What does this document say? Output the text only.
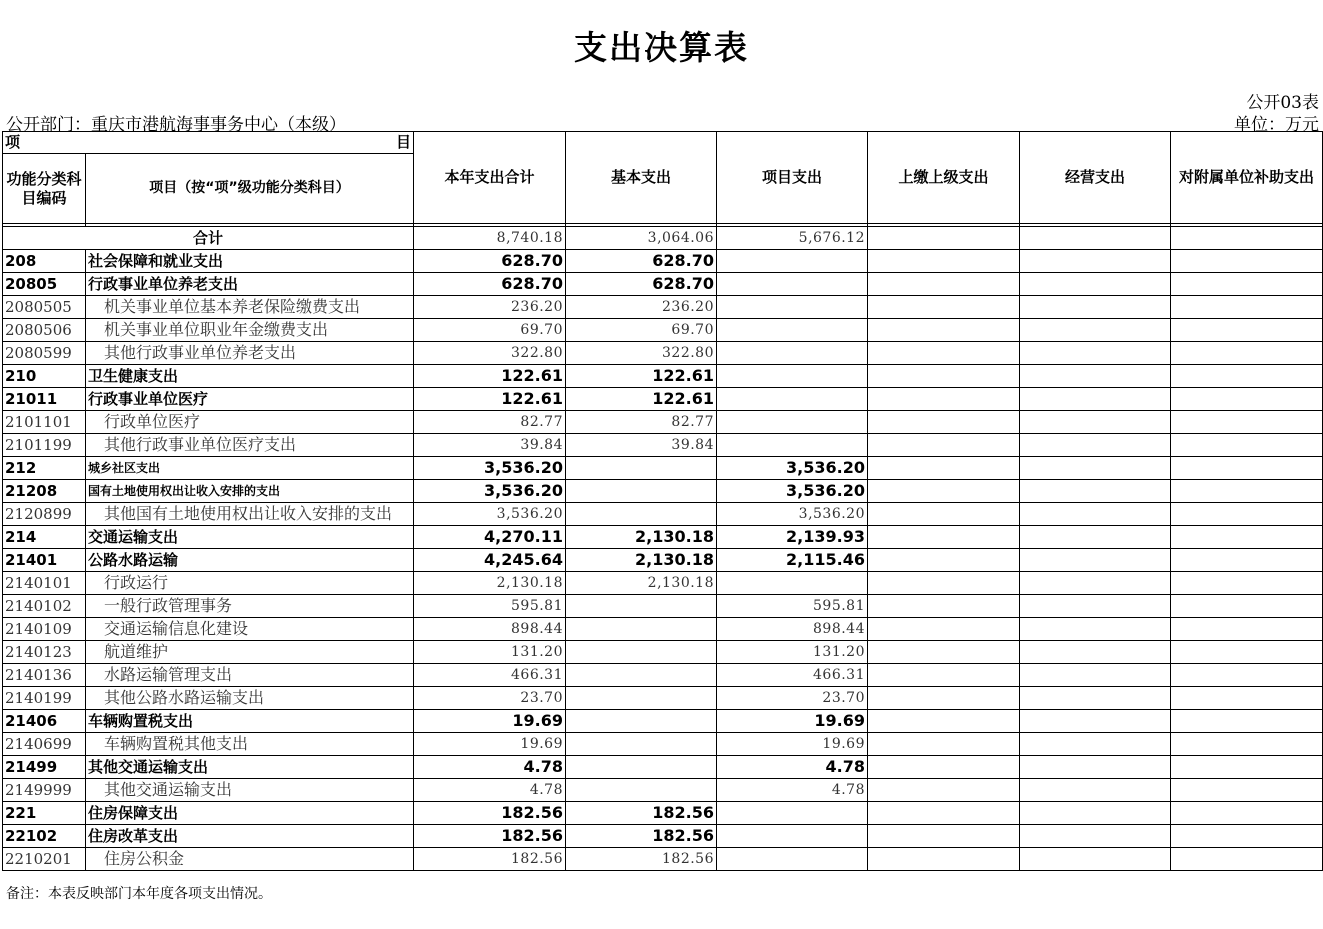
支出决算表
公开03表
公开部门：重庆市港航海事事务中心（本级）	单位：万元
项 目		本年支出合计	基本支出	项目支出	上缴上级支出	经营支出	对附属单位补助支出
功能分类科目编码	项目（按“项”级功能分类科目）						

合计		8,740.18	3,064.06	5,676.12			
208	社会保障和就业支出	628.70	628.70				
20805	行政事业单位养老支出	628.70	628.70				
2080505	机关事业单位基本养老保险缴费支出	236.20	236.20				
2080506	机关事业单位职业年金缴费支出	69.70	69.70				
2080599	其他行政事业单位养老支出	322.80	322.80				
210	卫生健康支出	122.61	122.61				
21011	行政事业单位医疗	122.61	122.61				
2101101	行政单位医疗	82.77	82.77				
2101199	其他行政事业单位医疗支出	39.84	39.84				
212	城乡社区支出	3,536.20		3,536.20			
21208	国有土地使用权出让收入安排的支出	3,536.20		3,536.20			
2120899	其他国有土地使用权出让收入安排的支出	3,536.20		3,536.20			
214	交通运输支出	4,270.11	2,130.18	2,139.93			
21401	公路水路运输	4,245.64	2,130.18	2,115.46			
2140101	行政运行	2,130.18	2,130.18				
2140102	一般行政管理事务	595.81		595.81			
2140109	交通运输信息化建设	898.44		898.44			
2140123	航道维护	131.20		131.20			
2140136	水路运输管理支出	466.31		466.31			
2140199	其他公路水路运输支出	23.70		23.70			
21406	车辆购置税支出	19.69		19.69			
2140699	车辆购置税其他支出	19.69		19.69			
21499	其他交通运输支出	4.78		4.78			
2149999	其他交通运输支出	4.78		4.78			
221	住房保障支出	182.56	182.56				
22102	住房改革支出	182.56	182.56				
2210201	住房公积金	182.56	182.56				
备注：本表反映部门本年度各项支出情况。
